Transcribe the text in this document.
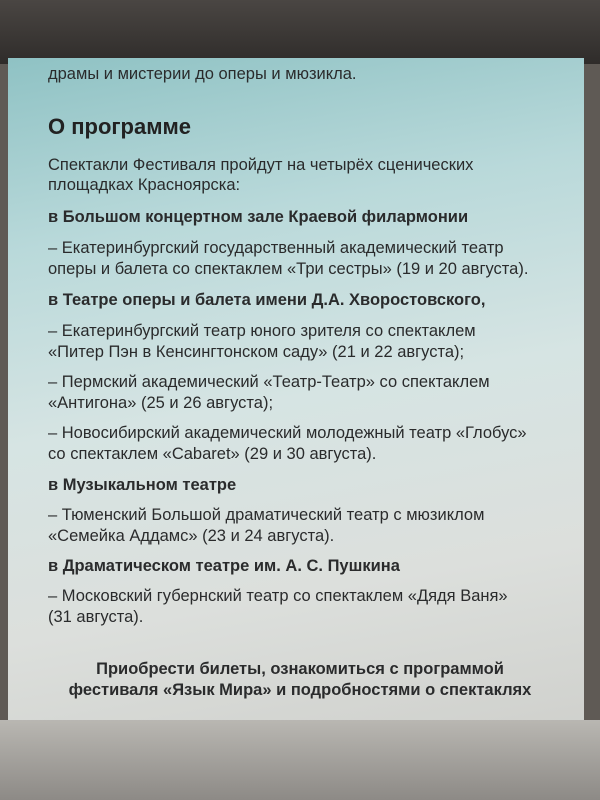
драмы и мистерии до оперы и мюзикла.
О программе
Спектакли Фестиваля пройдут на четырёх сценических
площадках Красноярска:
в Большом концертном зале Краевой филармонии
– Екатеринбургский государственный академический театр
оперы и балета со спектаклем «Три сестры» (19 и 20 августа).
в Театре оперы и балета имени Д.А. Хворостовского,
– Екатеринбургский театр юного зрителя со спектаклем
«Питер Пэн в Кенсингтонском саду» (21 и 22 августа);
– Пермский академический «Театр-Театр» со спектаклем
«Антигона» (25 и 26 августа);
– Новосибирский академический молодежный театр «Глобус»
со спектаклем «Cabaret» (29 и 30 августа).
в Музыкальном театре
– Тюменский Большой драматический театр с мюзиклом
«Семейка Аддамс» (23 и 24 августа).
в Драматическом театре им. А. С. Пушкина
– Московский губернский театр со спектаклем «Дядя Ваня»
(31 августа).
Приобрести билеты, ознакомиться с программой
фестиваля «Язык Мира» и подробностями о спектаклях
